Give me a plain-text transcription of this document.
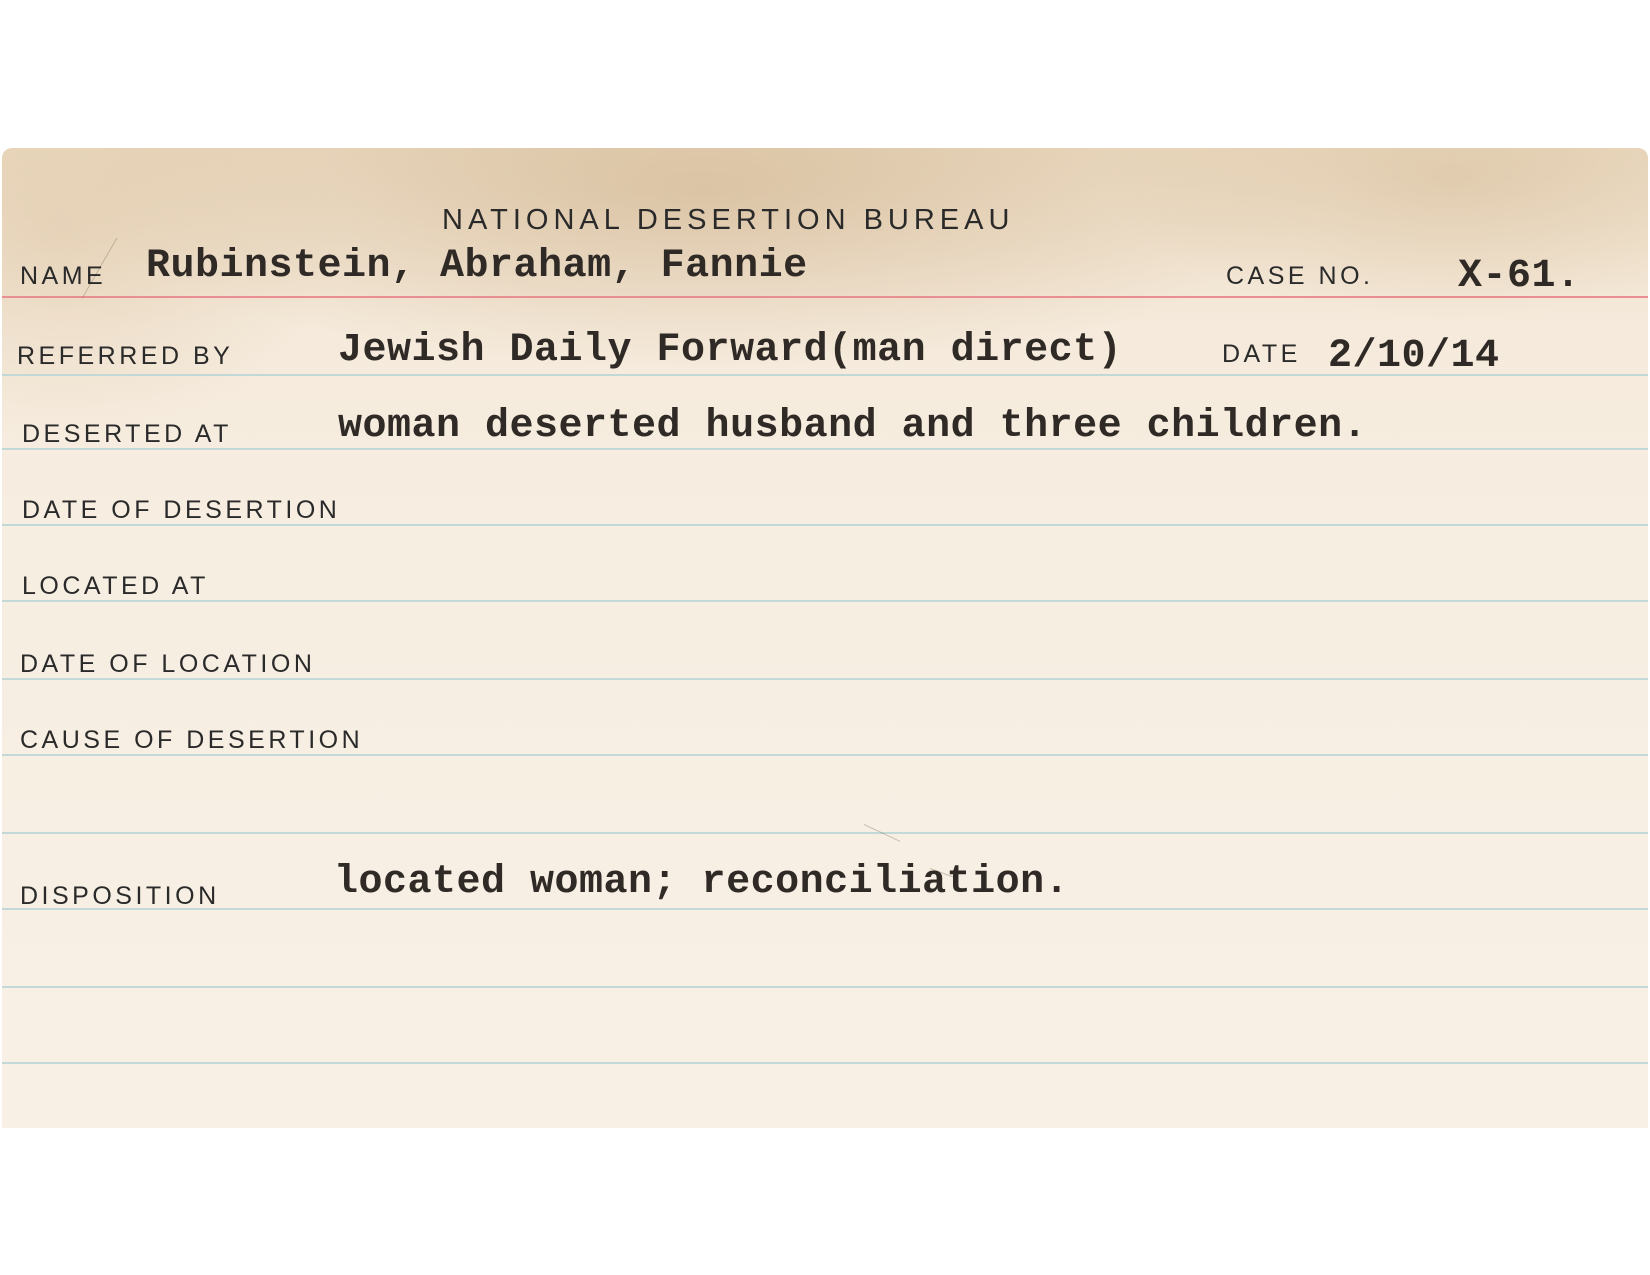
NATIONAL DESERTION BUREAU
NAME Rubinstein, Abraham, Fannie	CASE NO. X-61.
REFERRED BY	Jewish Daily Forward(man direct)	DATE 2/10/14
DESERTED AT	woman deserted husband and three children.
DATE OF DESERTION
LOCATED AT
DATE OF LOCATION
CAUSE OF DESERTION
DISPOSITION	located woman; reconciliation.
